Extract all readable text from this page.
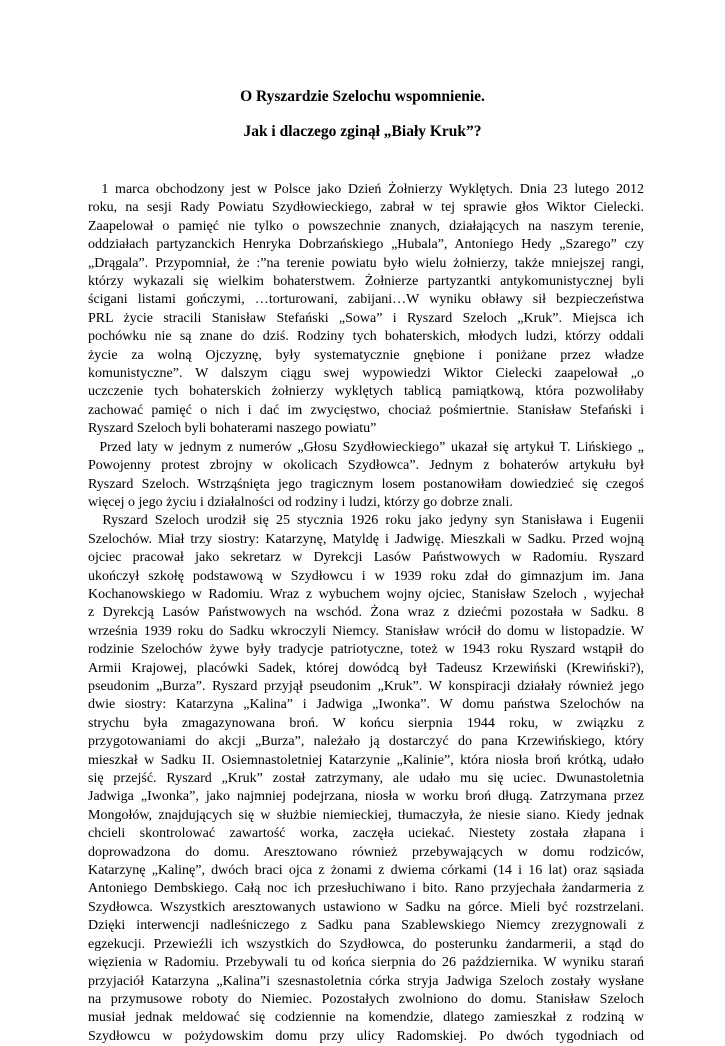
O Ryszardzie Szelochu wspomnienie.
Jak i dlaczego zginął „Biały Kruk”?
1 marca obchodzony jest w Polsce jako Dzień Żołnierzy Wyklętych. Dnia 23 lutego 2012
roku, na sesji Rady Powiatu Szydłowieckiego, zabrał w tej sprawie głos Wiktor Cielecki.
Zaapelował o pamięć nie tylko o powszechnie znanych, działających na naszym terenie,
oddziałach partyzanckich Henryka Dobrzańskiego „Hubala”, Antoniego Hedy „Szarego” czy
„Drągala”. Przypomniał, że :”na terenie powiatu było wielu żołnierzy, także mniejszej rangi,
którzy wykazali się wielkim bohaterstwem. Żołnierze partyzantki antykomunistycznej byli
ścigani listami gończymi, …torturowani, zabijani…W wyniku obławy sił bezpieczeństwa
PRL życie stracili Stanisław Stefański „Sowa” i Ryszard Szeloch „Kruk”. Miejsca ich
pochówku nie są znane do dziś. Rodziny tych bohaterskich, młodych ludzi, którzy oddali
życie za wolną Ojczyznę, były systematycznie gnębione i poniżane przez władze
komunistyczne”. W dalszym ciągu swej wypowiedzi Wiktor Cielecki zaapelował „o
uczczenie tych bohaterskich żołnierzy wyklętych tablicą pamiątkową, która pozwoliłaby
zachować pamięć o nich i dać im zwycięstwo, chociaż pośmiertnie. Stanisław Stefański i
Ryszard Szeloch byli bohaterami naszego powiatu”
Przed laty w jednym z numerów „Głosu Szydłowieckiego” ukazał się artykuł T. Lińskiego „
Powojenny protest zbrojny w okolicach Szydłowca”. Jednym z bohaterów artykułu był
Ryszard Szeloch. Wstrząśnięta jego tragicznym losem postanowiłam dowiedzieć się czegoś
więcej o jego życiu i działalności od rodziny i ludzi, którzy go dobrze znali.
Ryszard Szeloch urodził się 25 stycznia 1926 roku jako jedyny syn Stanisława i Eugenii
Szelochów. Miał trzy siostry: Katarzynę, Matyldę i Jadwigę. Mieszkali w Sadku. Przed wojną
ojciec pracował jako sekretarz w Dyrekcji Lasów Państwowych w Radomiu. Ryszard
ukończył szkołę podstawową w Szydłowcu i w 1939 roku zdał do gimnazjum im. Jana
Kochanowskiego w Radomiu. Wraz z wybuchem wojny ojciec, Stanisław Szeloch , wyjechał
z Dyrekcją Lasów Państwowych na wschód. Żona wraz z dziećmi pozostała w Sadku. 8
września 1939 roku do Sadku wkroczyli Niemcy. Stanisław wrócił do domu w listopadzie. W
rodzinie Szelochów żywe były tradycje patriotyczne, toteż w 1943 roku Ryszard wstąpił do
Armii Krajowej, placówki Sadek, której dowódcą był Tadeusz Krzewiński (Krewiński?),
pseudonim „Burza”. Ryszard przyjął pseudonim „Kruk”. W konspiracji działały również jego
dwie siostry: Katarzyna „Kalina” i Jadwiga „Iwonka”. W domu państwa Szelochów na
strychu była zmagazynowana broń. W końcu sierpnia 1944 roku, w związku z
przygotowaniami do akcji „Burza”, należało ją dostarczyć do pana Krzewińskiego, który
mieszkał w Sadku II. Osiemnastoletniej Katarzynie „Kalinie”, która niosła broń krótką, udało
się przejść. Ryszard „Kruk” został zatrzymany, ale udało mu się uciec. Dwunastoletnia
Jadwiga „Iwonka”, jako najmniej podejrzana, niosła w worku broń długą. Zatrzymana przez
Mongołów, znajdujących się w służbie niemieckiej, tłumaczyła, że niesie siano. Kiedy jednak
chcieli skontrolować zawartość worka, zaczęła uciekać. Niestety została złapana i
doprowadzona do domu. Aresztowano również przebywających w domu rodziców,
Katarzynę „Kalinę”, dwóch braci ojca z żonami z dwiema córkami (14 i 16 lat) oraz sąsiada
Antoniego Dembskiego. Całą noc ich przesłuchiwano i bito. Rano przyjechała żandarmeria z
Szydłowca. Wszystkich aresztowanych ustawiono w Sadku na górce. Mieli być rozstrzelani.
Dzięki interwencji nadleśniczego z Sadku pana Szablewskiego Niemcy zrezygnowali z
egzekucji. Przewieźli ich wszystkich do Szydłowca, do posterunku żandarmerii, a stąd do
więzienia w Radomiu. Przebywali tu od końca sierpnia do 26 października. W wyniku starań
przyjaciół Katarzyna „Kalina”i szesnastoletnia córka stryja Jadwiga Szeloch zostały wysłane
na przymusowe roboty do Niemiec. Pozostałych zwolniono do domu. Stanisław Szeloch
musiał jednak meldować się codziennie na komendzie, dlatego zamieszkał z rodziną w
Szydłowcu w pożydowskim domu przy ulicy Radomskiej. Po dwóch tygodniach od
